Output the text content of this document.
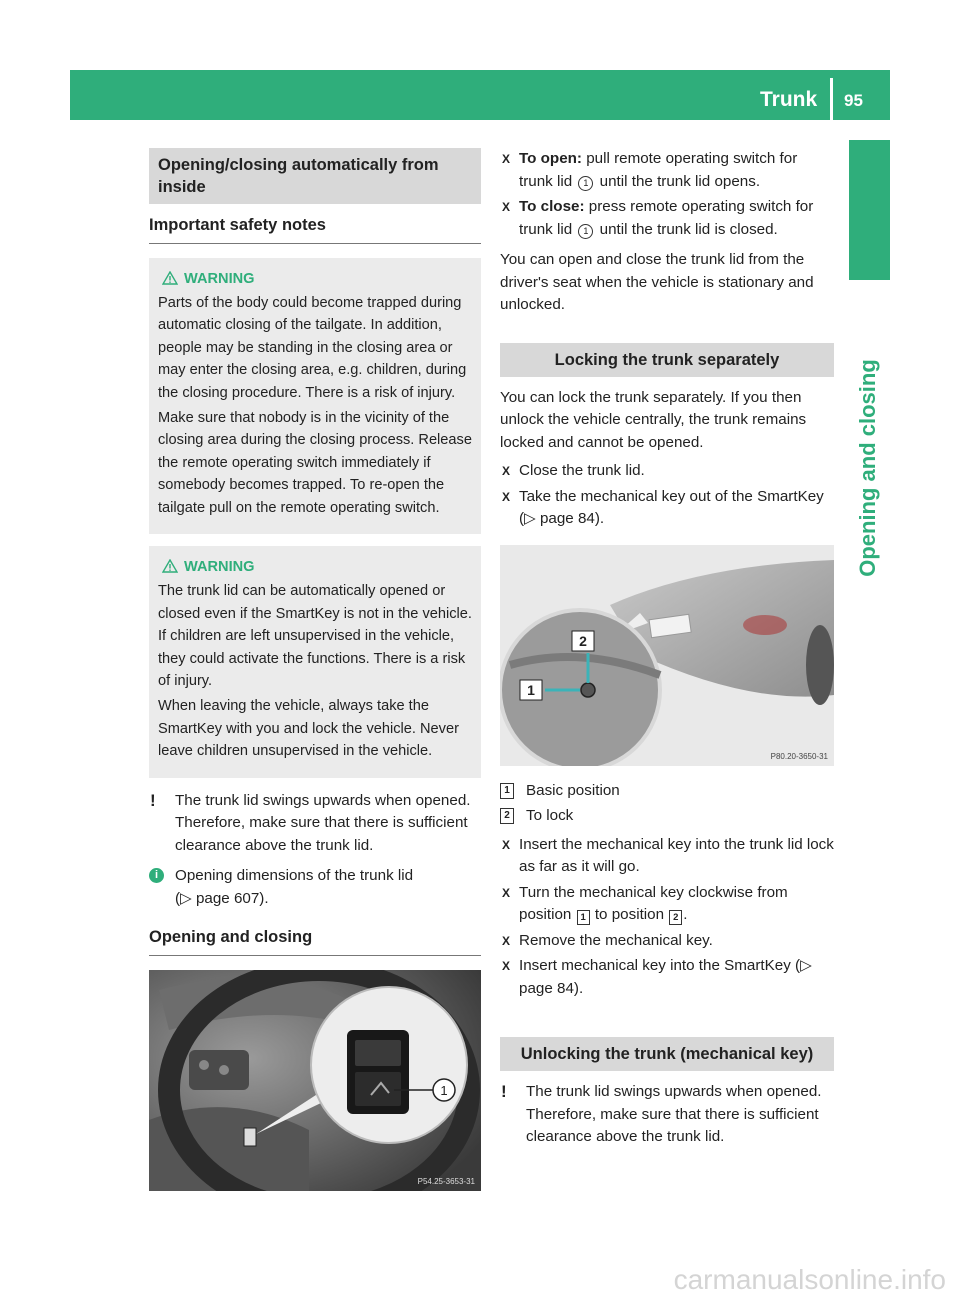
Trunk 95
Opening and closing
Opening/closing automatically from inside
Important safety notes
WARNING

Parts of the body could become trapped during automatic closing of the tailgate. In addition, people may be standing in the closing area or may enter the closing area, e.g. children, during the closing procedure. There is a risk of injury.

Make sure that nobody is in the vicinity of the closing area during the closing process. Release the remote operating switch immediately if somebody becomes trapped. To re-open the tailgate pull on the remote operating switch.

WARNING

The trunk lid can be automatically opened or closed even if the SmartKey is not in the vehicle. If children are left unsupervised in the vehicle, they could activate the functions. There is a risk of injury.

When leaving the vehicle, always take the SmartKey with you and lock the vehicle. Never leave children unsupervised in the vehicle.

! The trunk lid swings upwards when opened. Therefore, make sure that there is sufficient clearance above the trunk lid.
i	Opening dimensions of the trunk lid
(▷ page 607).
Opening and closing
1
P54.25-3653-31
X To open: pull remote operating switch for trunk lid 1 until the trunk lid opens.
X To close: press remote operating switch for trunk lid 1 until the trunk lid is closed.
You can open and close the trunk lid from the driver's seat when the vehicle is stationary and unlocked.
Locking the trunk separately
You can lock the trunk separately. If you then unlock the vehicle centrally, the trunk remains locked and cannot be opened.
X Close the trunk lid.
X Take the mechanical key out of the SmartKey (▷ page 84).
2
1
P80.20-3650-31
1 Basic position
2 To lock
X Insert the mechanical key into the trunk lid lock as far as it will go.
X Turn the mechanical key clockwise from position 1 to position 2 .
X Remove the mechanical key.
X Insert mechanical key into the SmartKey (▷ page 84).
Unlocking the trunk (mechanical key)
! The trunk lid swings upwards when opened. Therefore, make sure that there is sufficient clearance above the trunk lid.
carmanualsonline.info
